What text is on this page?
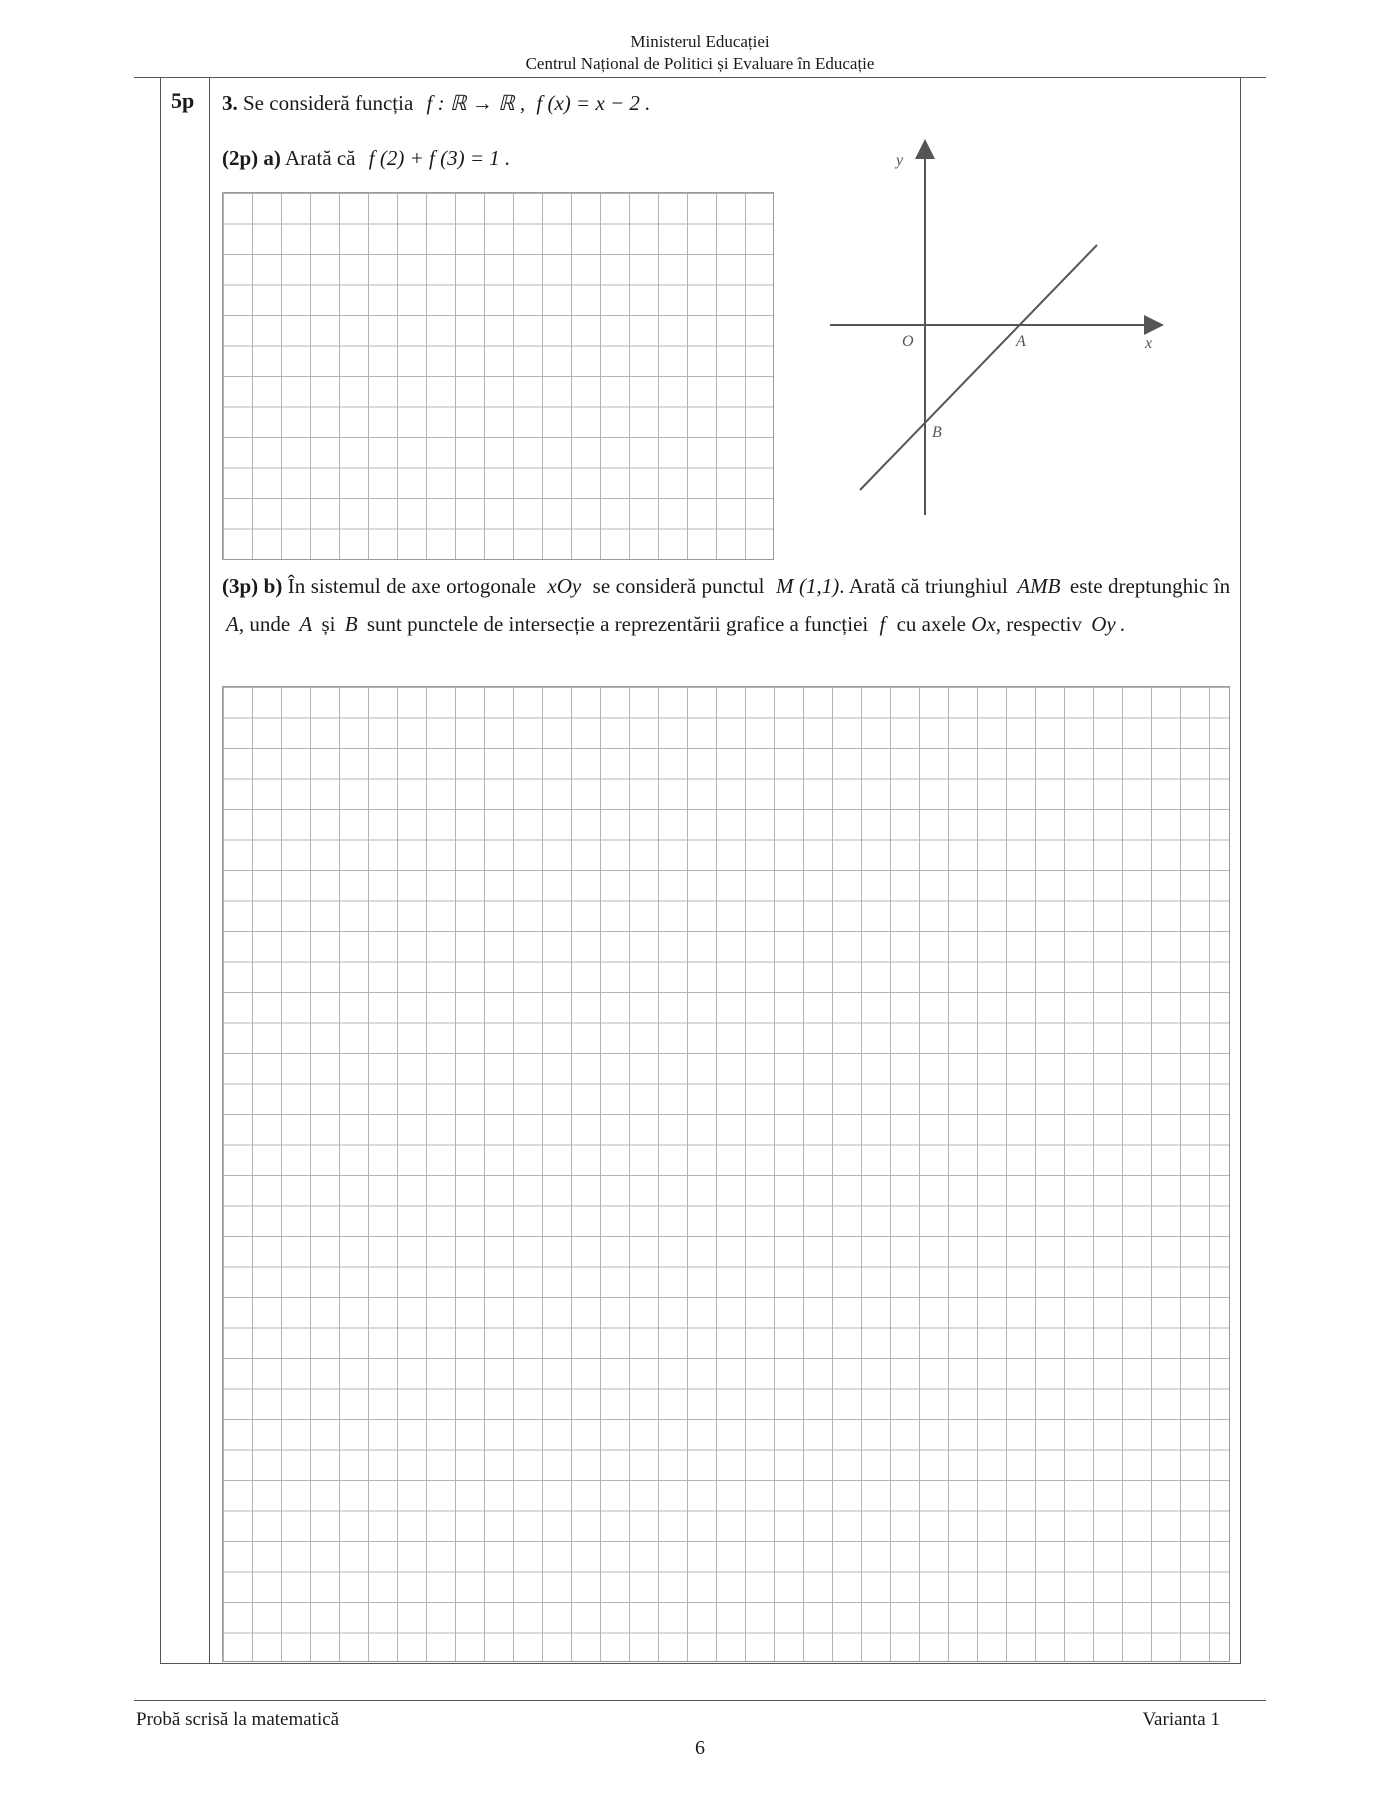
Ministerul Educației
Centrul Național de Politici și Evaluare în Educație
5p 3. Se consideră funcția f : ℝ → ℝ , f (x) = x − 2 .
(2p) a) Arată că f (2) + f (3) = 1 .	y
x
O	A
B
(3p) b) În sistemul de axe ortogonale xOy se consideră punctul M (1,1). Arată că triunghiul AMB este dreptunghic în A, unde A și B sunt punctele de intersecție a reprezentării grafice a funcției f cu axele Ox, respectiv Oy .
Probă scrisă la matematică	Varianta 1
6
